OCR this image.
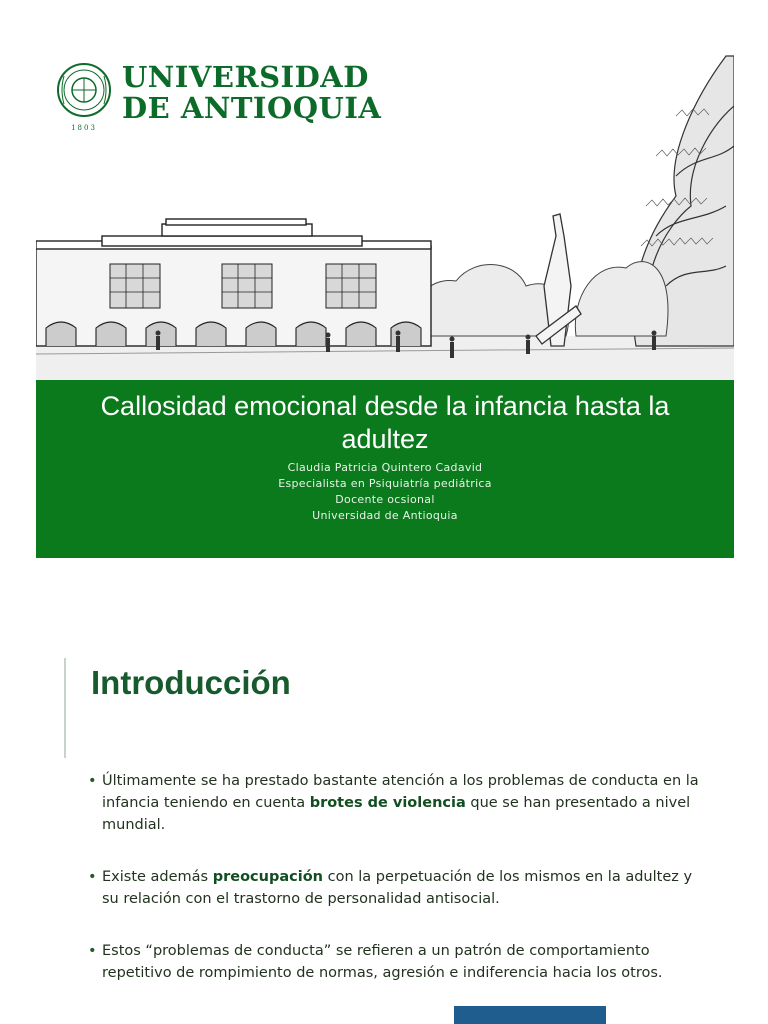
1803
UNIVERSIDAD
DE ANTIOQUIA
Callosidad emocional desde la infancia hasta la adultez
Claudia Patricia Quintero Cadavid
Especialista en Psiquiatría pediátrica
Docente ocsional
Universidad de Antioquia
Introducción
• Últimamente se ha prestado bastante atención a los problemas de conducta en la infancia teniendo en cuenta brotes de violencia que se han presentado a nivel mundial.
• Existe además preocupación con la perpetuación de los mismos en la adultez y su relación con el trastorno de personalidad antisocial.
• Estos “problemas de conducta” se refieren a un patrón de comportamiento repetitivo de rompimiento de normas, agresión e indiferencia hacia los otros.
